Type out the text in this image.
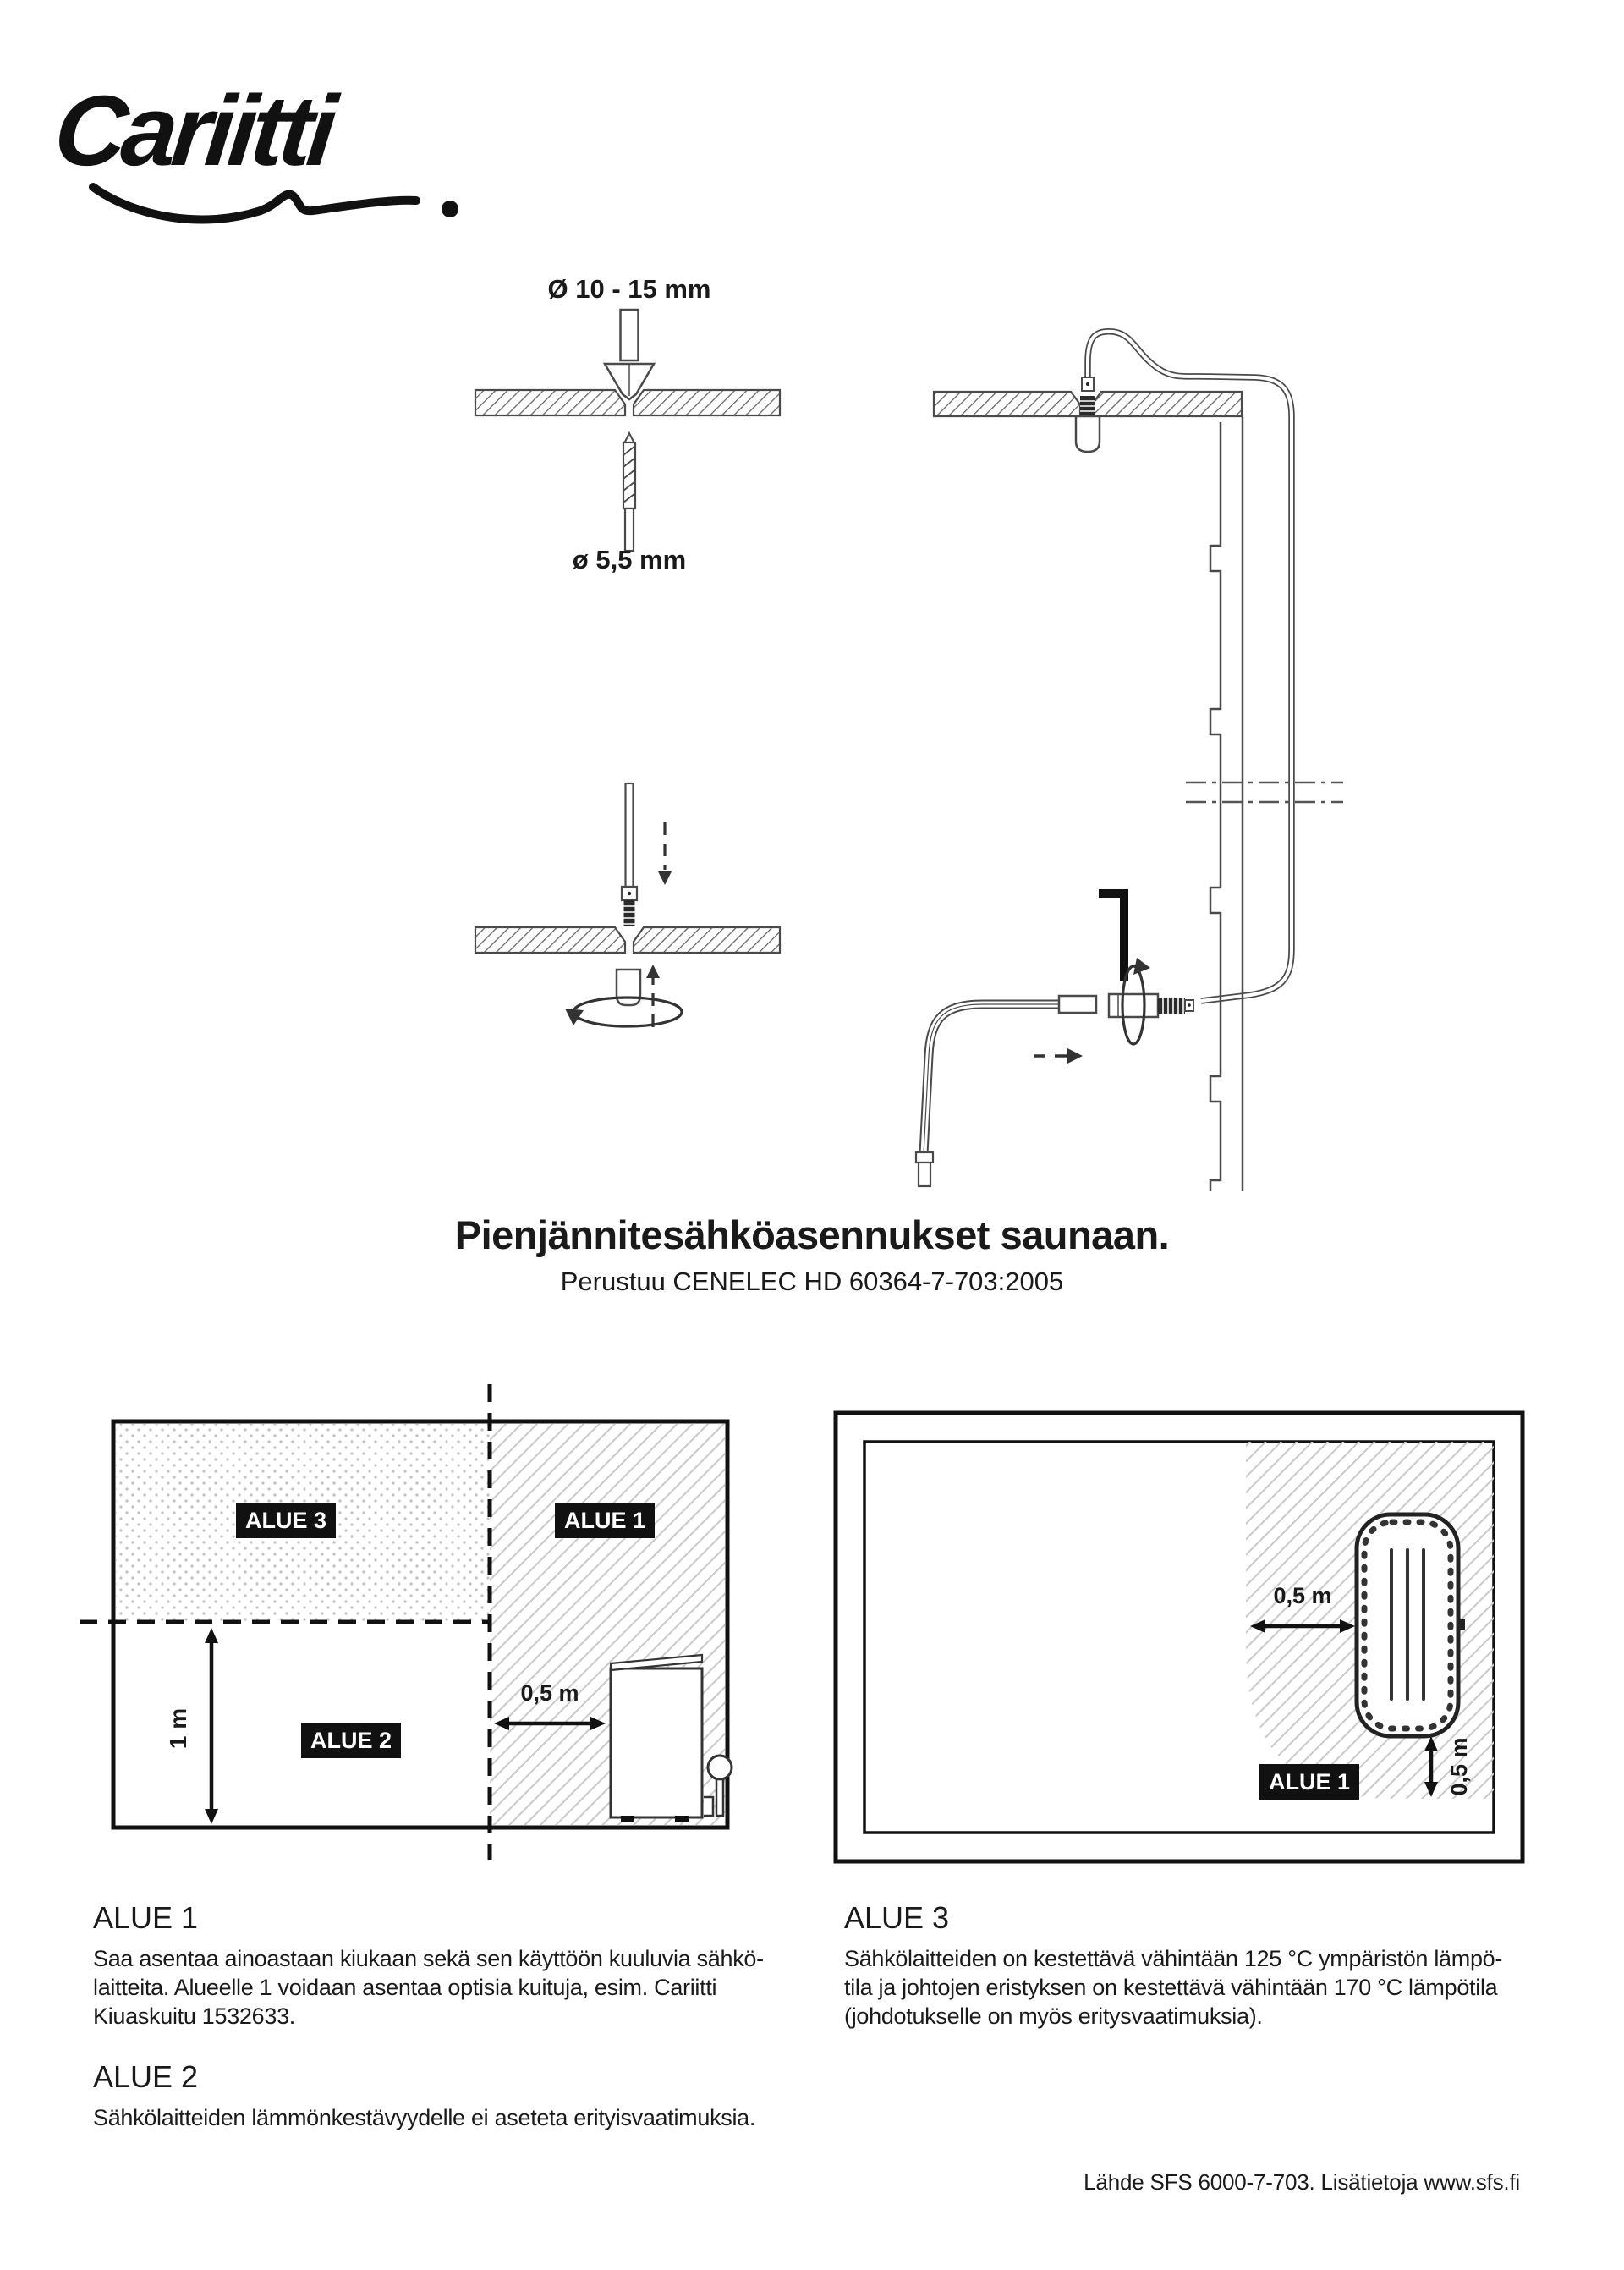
Cariitti
Ø 10 - 15 mm
ø 5,5 mm
Pienjännitesähköasennukset saunaan.
Perustuu CENELEC HD 60364-7-703:2005
ALUE 3	ALUE 1
ALUE 2
1 m
0,5 m
0,5 m
0,5 m
ALUE 1
ALUE 1
Saa asentaa ainoastaan kiukaan sekä sen käyttöön kuuluvia sähkö-
laitteita. Alueelle 1 voidaan asentaa optisia kuituja, esim. Cariitti
Kiuaskuitu 1532633.
ALUE 2
Sähkölaitteiden lämmönkestävyydelle ei aseteta erityisvaatimuksia.
ALUE 3
Sähkölaitteiden on kestettävä vähintään 125 °C ympäristön lämpö-
tila ja johtojen eristyksen on kestettävä vähintään 170 °C lämpötila
(johdotukselle on myös eritysvaatimuksia).
Lähde SFS 6000-7-703. Lisätietoja www.sfs.fi
